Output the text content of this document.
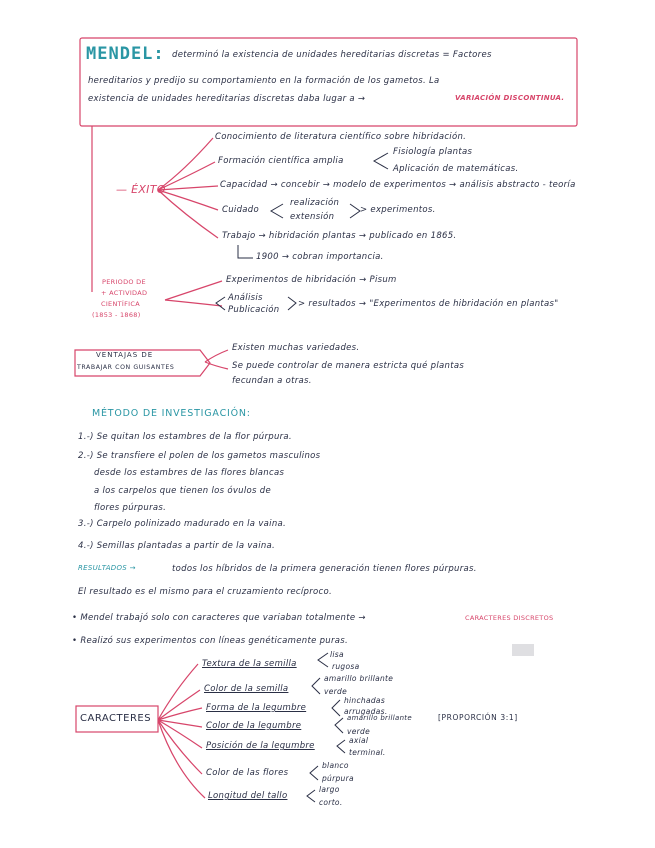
MENDEL: determinó la existencia de unidades hereditarias discretas = Factores
hereditarios y predijo su comportamiento en la formación de los gametos. La
existencia de unidades hereditarias discretas daba lugar a →	VARIACIÓN DISCONTINUA.
— ÉXITO
Conocimiento de literatura científico sobre hibridación.
Formación científica amplia
Fisiología plantas
Aplicación de matemáticas.
Capacidad → concebir → modelo de experimentos → análisis abstracto - teoría
Cuidado
realización
extensión
> experimentos.
Trabajo → hibridación plantas → publicado en 1865.
1900 → cobran importancia.
PERIODO DE
+ ACTIVIDAD
CIENTÍFICA
(1853 - 1868)
Experimentos de hibridación → Pisum
Análisis
Publicación
> resultados → "Experimentos de hibridación en plantas"
VENTAJAS DE
TRABAJAR CON GUISANTES
Existen muchas variedades.
Se puede controlar de manera estricta qué plantas
fecundan a otras.
MÉTODO DE INVESTIGACIÓN:
1.-) Se quitan los estambres de la flor púrpura.
2.-) Se transfiere el polen de los gametos masculinos
desde los estambres de las flores blancas
a los carpelos que tienen los óvulos de
flores púrpuras.
3.-) Carpelo polinizado madurado en la vaina.
4.-) Semillas plantadas a partir de la vaina.
RESULTADOS →	todos los híbridos de la primera generación tienen flores púrpuras.
El resultado es el mismo para el cruzamiento recíproco.
• Mendel trabajó solo con caracteres que variaban totalmente →	CARACTERES DISCRETOS
• Realizó sus experimentos con líneas genéticamente puras.
CARACTERES	[PROPORCIÓN 3:1]
Textura de la semilla
lisa
rugosa
Color de la semilla
amarillo brillante
verde
Forma de la legumbre
hinchadas
arrugadas.
Color de la legumbre
amarillo brillante
verde
Posición de la legumbre
axial
terminal.
Color de las flores
blanco
púrpura
Longitud del tallo
largo
corto.
